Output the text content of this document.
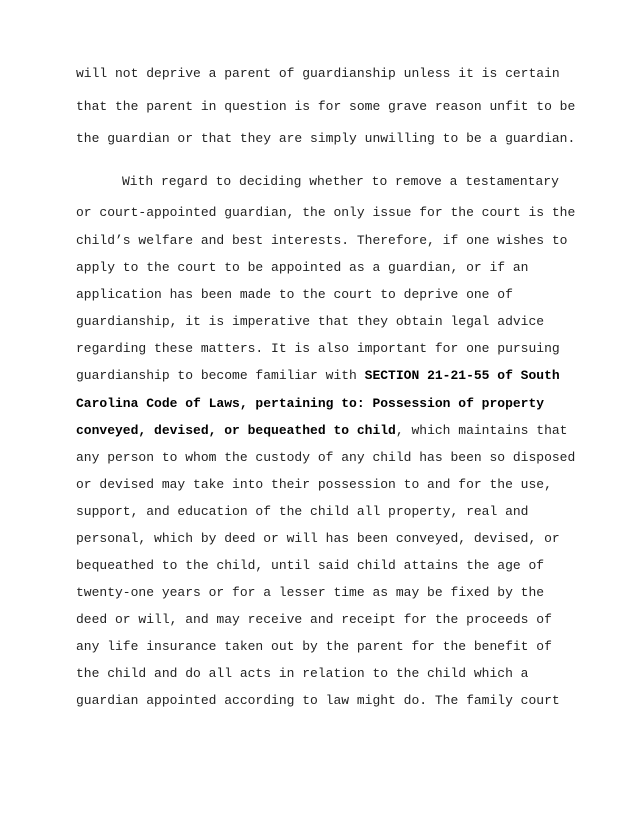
will not deprive a parent of guardianship unless it is certain

that the parent in question is for some grave reason unfit to be

the guardian or that they are simply unwilling to be a guardian.

With regard to deciding whether to remove a testamentary

or court-appointed guardian, the only issue for the court is the

child’s welfare and best interests. Therefore, if one wishes to

apply to the court to be appointed as a guardian, or if an

application has been made to the court to deprive one of

guardianship, it is imperative that they obtain legal advice

regarding these matters. It is also important for one pursuing

guardianship to become familiar with SECTION 21-21-55 of South

Carolina Code of Laws, pertaining to: Possession of property

conveyed, devised, or bequeathed to child, which maintains that

any person to whom the custody of any child has been so disposed

or devised may take into their possession to and for the use,

support, and education of the child all property, real and

personal, which by deed or will has been conveyed, devised, or

bequeathed to the child, until said child attains the age of

twenty-one years or for a lesser time as may be fixed by the

deed or will, and may receive and receipt for the proceeds of

any life insurance taken out by the parent for the benefit of

the child and do all acts in relation to the child which a

guardian appointed according to law might do. The family court
